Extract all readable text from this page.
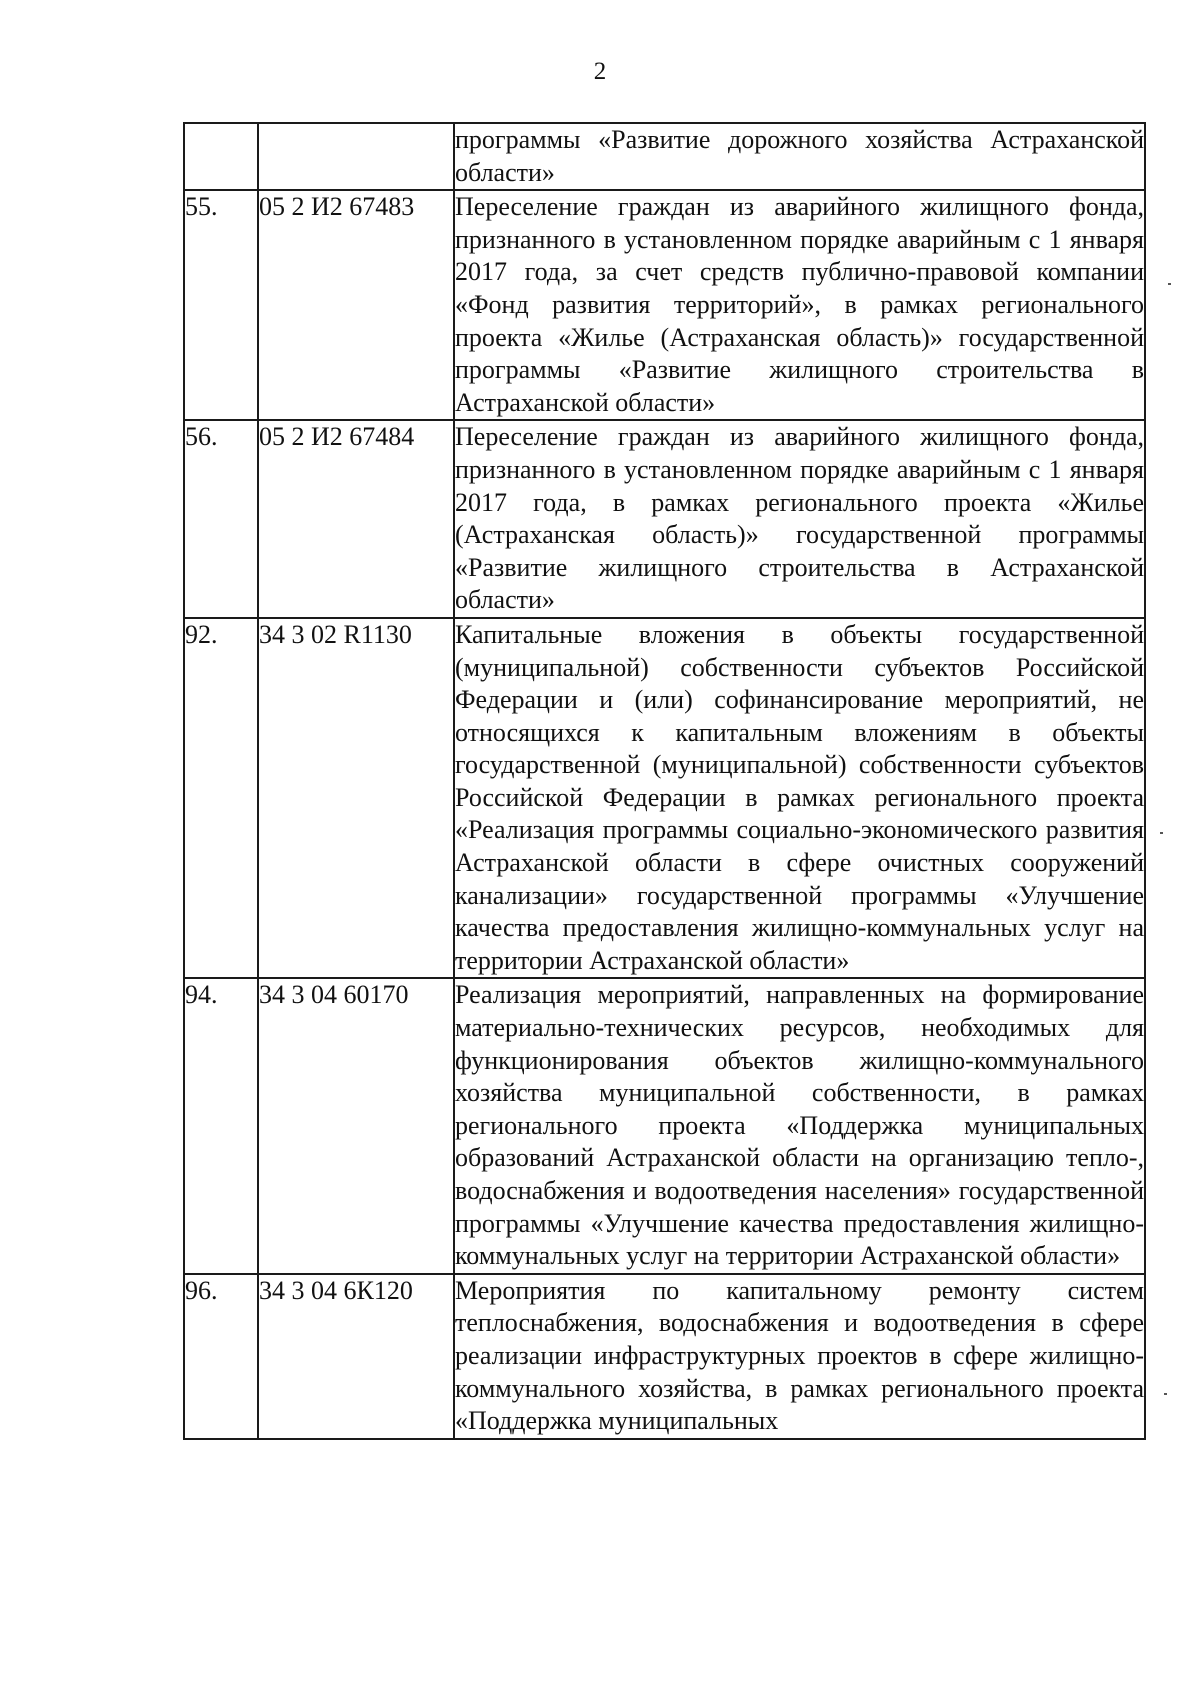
2
		программы «Развитие дорожного хозяйства Астраханской области»
55.	05 2 И2 67483	Переселение граждан из аварийного жилищного фонда, признанного в установленном порядке аварийным с 1 января 2017 года, за счет средств публично-правовой компании «Фонд развития территорий», в рамках регионального проекта «Жилье (Астраханская область)» государственной программы «Развитие жилищного строительства в Астраханской области»
56.	05 2 И2 67484	Переселение граждан из аварийного жилищного фонда, признанного в установленном порядке аварийным с 1 января 2017 года, в рамках регионального проекта «Жилье (Астраханская область)» государственной программы «Развитие жилищного строительства в Астраханской области»
92.	34 3 02 R1130	Капитальные вложения в объекты государственной (муниципальной) собственности субъектов Российской Федерации и (или) софинансирование мероприятий, не относящихся к капитальным вложениям в объекты государственной (муниципальной) собственности субъектов Российской Федерации в рамках регионального проекта «Реализация программы социально-экономического развития Астраханской области в сфере очистных сооружений канализации» государственной программы «Улучшение качества предоставления жилищно-коммунальных услуг на территории Астраханской области»
94.	34 3 04 60170	Реализация мероприятий, направленных на формирование материально-технических ресурсов, необходимых для функционирования объектов жилищно-коммунального хозяйства муниципальной собственности, в рамках регионального проекта «Поддержка муниципальных образований Астраханской области на организацию тепло-, водоснабжения и водоотведения населения» государственной программы «Улучшение качества предоставления жилищно-коммунальных услуг на территории Астраханской области»
96.	34 3 04 6К120	Мероприятия по капитальному ремонту систем теплоснабжения, водоснабжения и водоотведения в сфере реализации инфраструктурных проектов в сфере жилищно-коммунального хозяйства, в рамках регионального проекта «Поддержка муниципальных
